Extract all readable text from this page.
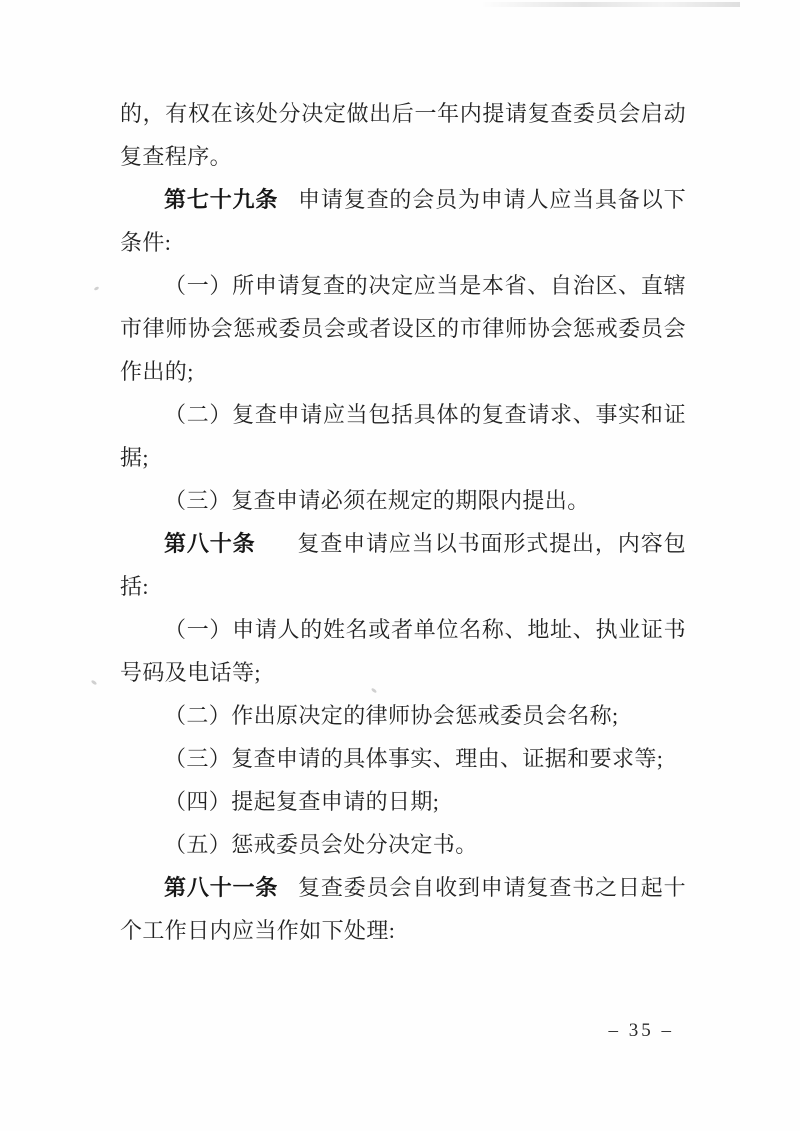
的，有权在该处分决定做出后一年内提请复查委员会启动复查程序。

第七十九条 申请复查的会员为申请人应当具备以下条件:

（一）所申请复查的决定应当是本省、自治区、直辖市律师协会惩戒委员会或者设区的市律师协会惩戒委员会作出的;

（二）复查申请应当包括具体的复查请求、事实和证据;

（三）复查申请必须在规定的期限内提出。

第八十条 复查申请应当以书面形式提出，内容包括:

（一）申请人的姓名或者单位名称、地址、执业证书号码及电话等;

（二）作出原决定的律师协会惩戒委员会名称;

（三）复查申请的具体事实、理由、证据和要求等;

（四）提起复查申请的日期;

（五）惩戒委员会处分决定书。

第八十一条 复查委员会自收到申请复查书之日起十个工作日内应当作如下处理:

– 35 –
